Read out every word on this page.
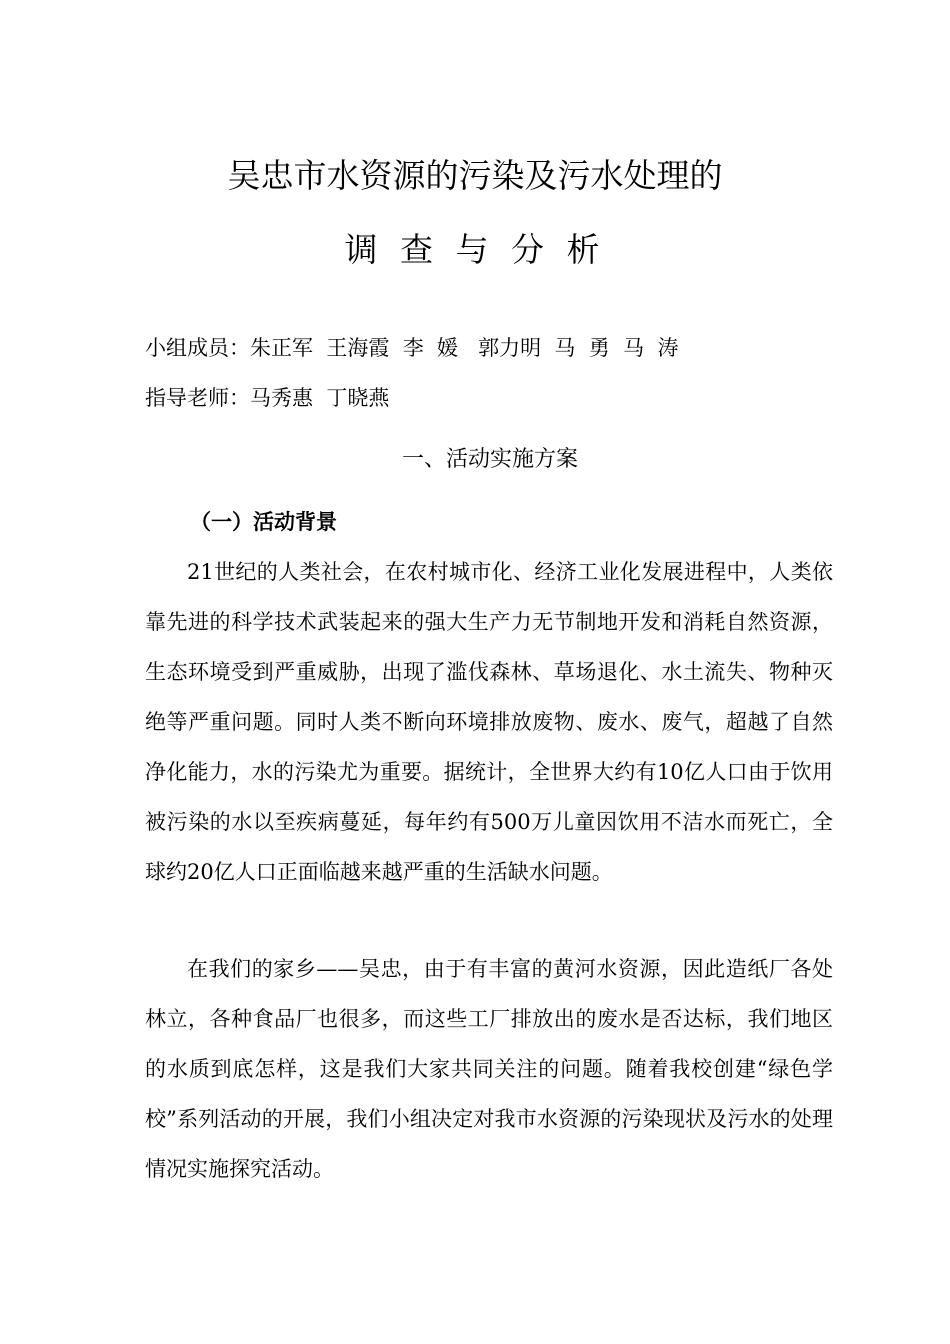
吴忠市水资源的污染及污水处理的
调 查 与 分 析
小组成员：朱正军  王海霞  李  媛   郭力明  马  勇  马  涛
指导老师：马秀惠  丁晓燕
一、活动实施方案
（一）活动背景

21世纪的人类社会，在农村城市化、经济工业化发展进程中，人类依靠先进的科学技术武装起来的强大生产力无节制地开发和消耗自然资源，生态环境受到严重威胁，出现了滥伐森林、草场退化、水土流失、物种灭绝等严重问题。同时人类不断向环境排放废物、废水、废气，超越了自然净化能力，水的污染尤为重要。据统计，全世界大约有10亿人口由于饮用被污染的水以至疾病蔓延，每年约有500万儿童因饮用不洁水而死亡，全球约20亿人口正面临越来越严重的生活缺水问题。

在我们的家乡——吴忠，由于有丰富的黄河水资源，因此造纸厂各处林立，各种食品厂也很多，而这些工厂排放出的废水是否达标，我们地区的水质到底怎样，这是我们大家共同关注的问题。随着我校创建“绿色学校”系列活动的开展，我们小组决定对我市水资源的污染现状及污水的处理情况实施探究活动。
